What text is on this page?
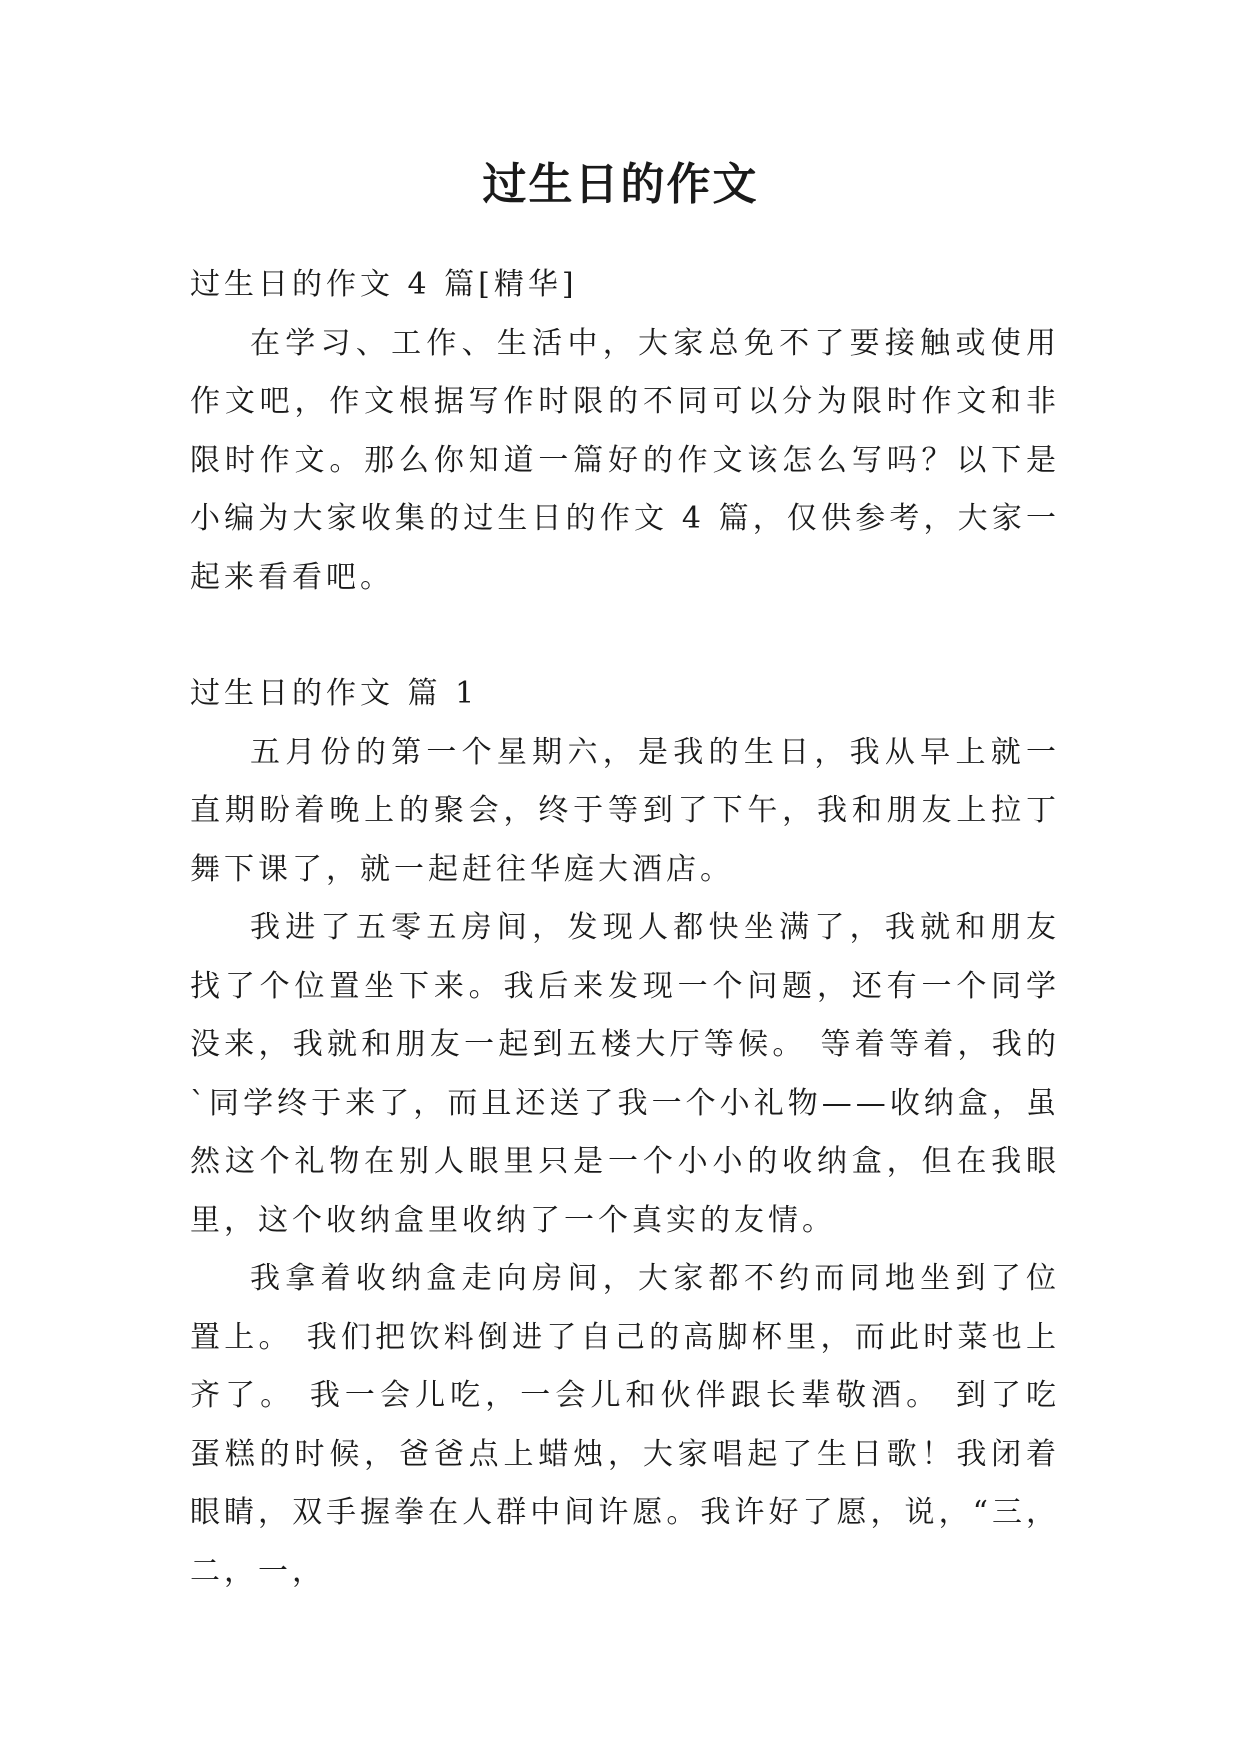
过生日的作文

过生日的作文 4 篇[精华]

在学习、工作、生活中，大家总免不了要接触或使用作文吧，作文根据写作时限的不同可以分为限时作文和非限时作文。那么你知道一篇好的作文该怎么写吗？以下是小编为大家收集的过生日的作文 4 篇，仅供参考，大家一起来看看吧。

过生日的作文 篇 1

五月份的第一个星期六，是我的生日，我从早上就一直期盼着晚上的聚会，终于等到了下午，我和朋友上拉丁舞下课了，就一起赶往华庭大酒店。

我进了五零五房间，发现人都快坐满了，我就和朋友找了个位置坐下来。我后来发现一个问题，还有一个同学没来，我就和朋友一起到五楼大厅等候。 等着等着，我的`同学终于来了，而且还送了我一个小礼物——收纳盒，虽然这个礼物在别人眼里只是一个小小的收纳盒，但在我眼里，这个收纳盒里收纳了一个真实的友情。

我拿着收纳盒走向房间，大家都不约而同地坐到了位置上。 我们把饮料倒进了自己的高脚杯里，而此时菜也上齐了。 我一会儿吃，一会儿和伙伴跟长辈敬酒。 到了吃蛋糕的时候，爸爸点上蜡烛，大家唱起了生日歌！我闭着眼睛，双手握拳在人群中间许愿。我许好了愿，说，“三，二，一，
